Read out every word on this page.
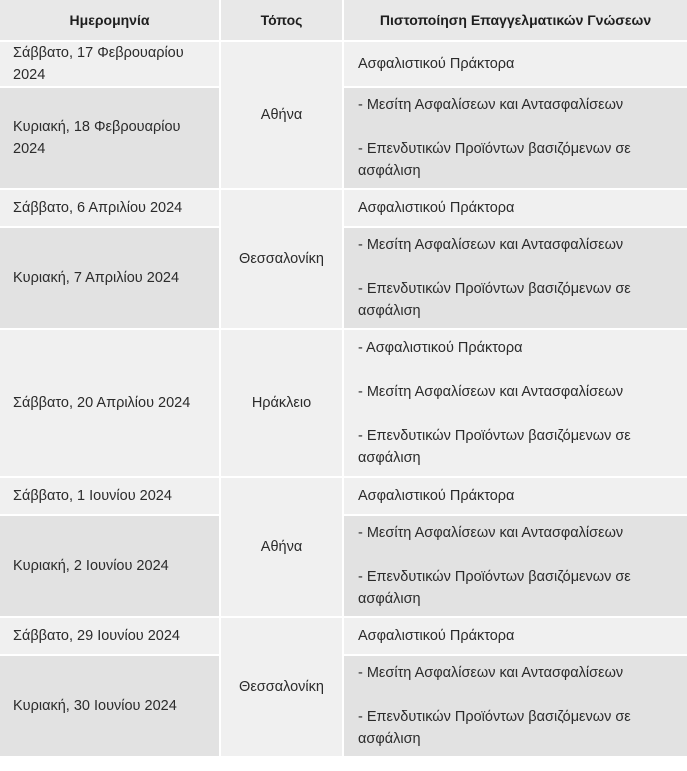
Ημερομηνία	Τόπος	Πιστοποίηση Επαγγελματικών Γνώσεων
Σάββατο, 17 Φεβρουαρίου 2024	Αθήνα	Ασφαλιστικού Πράκτορα

Κυριακή, 18 Φεβρουαρίου 2024		- Μεσίτη Ασφαλίσεων και Αντασφαλίσεων
- Επενδυτικών Προϊόντων βασιζόμενων σε ασφάλιση

Σάββατο, 6 Απριλίου 2024	Θεσσαλονίκη	Ασφαλιστικού Πράκτορα

Κυριακή, 7 Απριλίου 2024		- Μεσίτη Ασφαλίσεων και Αντασφαλίσεων
- Επενδυτικών Προϊόντων βασιζόμενων σε ασφάλιση

Σάββατο, 20 Απριλίου 2024	Ηράκλειο	- Ασφαλιστικού Πράκτορα
- Μεσίτη Ασφαλίσεων και Αντασφαλίσεων
- Επενδυτικών Προϊόντων βασιζόμενων σε ασφάλιση

Σάββατο, 1 Ιουνίου 2024	Αθήνα	Ασφαλιστικού Πράκτορα

Κυριακή, 2 Ιουνίου 2024		- Μεσίτη Ασφαλίσεων και Αντασφαλίσεων
- Επενδυτικών Προϊόντων βασιζόμενων σε ασφάλιση

Σάββατο, 29 Ιουνίου 2024	Θεσσαλονίκη	Ασφαλιστικού Πράκτορα

Κυριακή, 30 Ιουνίου 2024		- Μεσίτη Ασφαλίσεων και Αντασφαλίσεων
- Επενδυτικών Προϊόντων βασιζόμενων σε ασφάλιση
